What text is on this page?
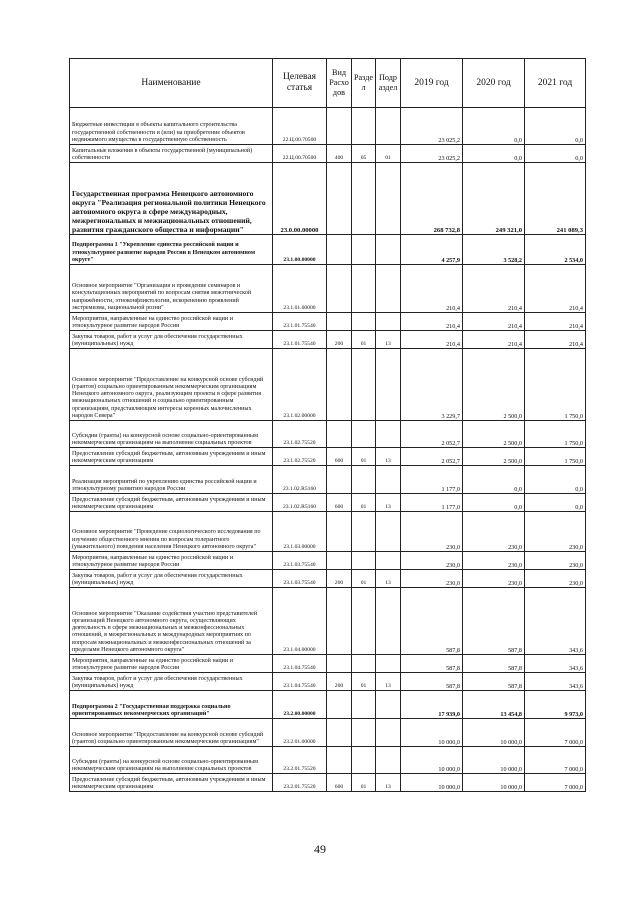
Наименование	Целевая статья	Вид Расхо дов	Разде л	Подр аздел	2019 год	2020 год	2021 год
Бюджетные инвестиции в объекты капитального строительства государственной собственности и (или) на приобретение объектов недвижимого имущества в государственную собственность	22.Ц.00.70500				23 025,2	0,0	0,0
Капитальные вложения в объекты государственной (муниципальной) собственности	22.Ц.00.70500	400	05	01	23 025,2	0,0	0,0
Государственная программа Ненецкого автономного округа "Реализация региональной политики Ненецкого автономного округа в сфере международных, межрегиональных и межнациональных отношений, развития гражданского общества и информации"	23.0.00.00000				268 732,8	249 321,0	241 089,3
Подпрограмма 1 "Укрепление единства российской нации и этнокультурное развитие народов России в Ненецком автономном округе"	23.1.00.00000				4 257,9	3 528,2	2 534,0
Основное мероприятие "Организация и проведение семинаров и консультационных мероприятий по вопросам снятия межэтнической напряжённости, этноконфликтологии, искоренению проявлений экстремизма, национальной розни"	23.1.01.00000				210,4	210,4	210,4
Мероприятия, направленные на единство российской нации и этнокультурное развитие народов России	23.1.01.75540				210,4	210,4	210,4
Закупка товаров, работ и услуг для обеспечения государственных (муниципальных) нужд	23.1.01.75540	200	01	13	210,4	210,4	210,4
Основное мероприятие "Предоставление на конкурсной основе субсидий (грантов) социально ориентированным некоммерческим организациям Ненецкого автономного округа, реализующим проекты в сфере развития межнациональных отношений и социально ориентированным организациям, представляющим интересы коренных малочисленных народов Севера"	23.1.02.00000				3 229,7	2 500,0	1 750,0
Субсидии (гранты) на конкурсной основе социально-ориентированным некоммерческим организациям на выполнение социальных проектов	23.1.02.75520				2 052,7	2 500,0	1 750,0
Предоставление субсидий бюджетным, автономным учреждениям и иным некоммерческим организациям	23.1.02.75520	600	01	13	2 052,7	2 500,0	1 750,0
Реализация мероприятий по укреплению единства российской нации и этнокультурному развитию народов России	23.1.02.R5160				1 177,0	0,0	0,0
Предоставление субсидий бюджетным, автономным учреждениям и иным некоммерческим организациям	23.1.02.R5160	600	01	13	1 177,0	0,0	0,0
Основное мероприятие "Проведение социологического исследования по изучению общественного мнения по вопросам толерантного (уважительного) поведения населения Ненецкого автономного округа"	23.1.03.00000				230,0	230,0	230,0
Мероприятия, направленные на единство российской нации и этнокультурное развитие народов России	23.1.03.75540				230,0	230,0	230,0
Закупка товаров, работ и услуг для обеспечения государственных (муниципальных) нужд	23.1.03.75540	200	01	13	230,0	230,0	230,0
Основное мероприятие "Оказание содействия участию представителей организаций Ненецкого автономного округа, осуществляющих деятельность в сфере межнациональных и межконфессиональных отношений, в межрегиональных и международных мероприятиях по вопросам межнациональных и межконфессиональных отношений за пределами Ненецкого автономного округа"	23.1.04.00000				587,8	587,8	343,6
Мероприятия, направленные на единство российской нации и этнокультурное развитие народов России	23.1.04.75540				587,8	587,8	343,6
Закупка товаров, работ и услуг для обеспечения государственных (муниципальных) нужд	23.1.04.75540	200	01	13	587,8	587,8	343,6
Подпрограмма 2 "Государственная поддержка социально ориентированных некоммерческих организаций"	23.2.00.00000				17 939,0	13 454,8	9 973,0
Основное мероприятие "Предоставление на конкурсной основе субсидий (грантов) социально ориентированным некоммерческим организациям"	23.2.01.00000				10 000,0	10 000,0	7 000,0
Субсидии (гранты) на конкурсной основе социально-ориентированным некоммерческим организациям на выполнение социальных проектов	23.2.01.75520				10 000,0	10 000,0	7 000,0
Предоставление субсидий бюджетным, автономным учреждениям и иным некоммерческим организациям	23.2.01.75520	600	01	13	10 000,0	10 000,0	7 000,0
49
